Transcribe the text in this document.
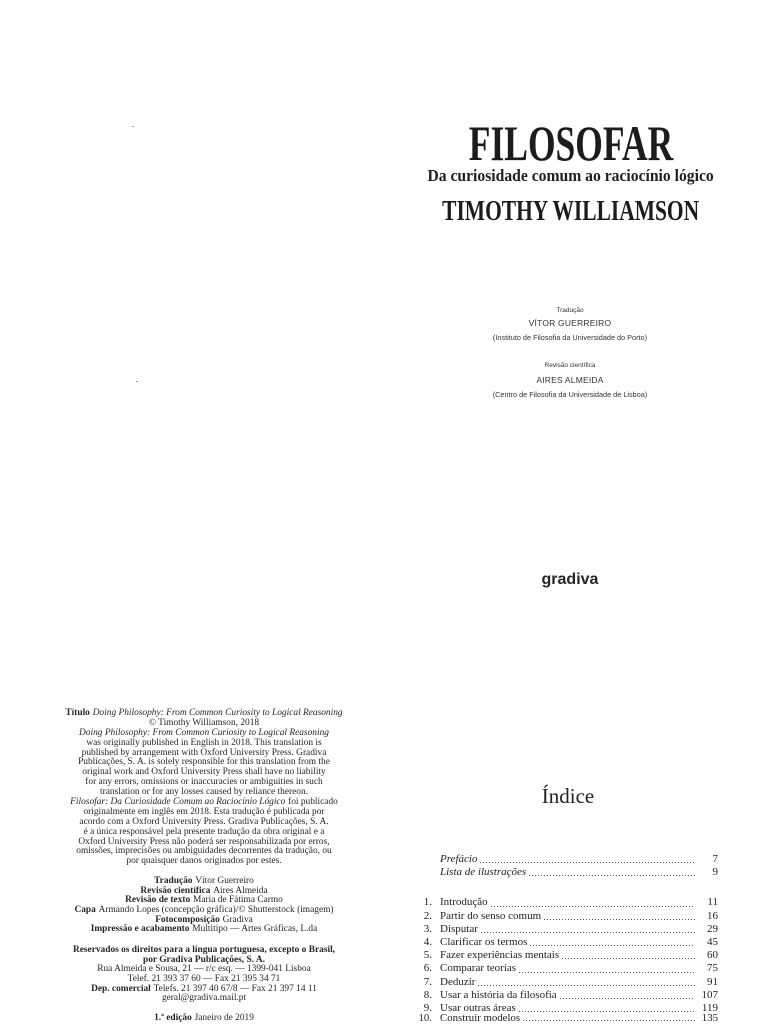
Título Doing Philosophy: From Common Curiosity to Logical Reasoning
© Timothy Williamson, 2018
Doing Philosophy: From Common Curiosity to Logical Reasoning
was originally published in English in 2018. This translation is
published by arrangement with Oxford University Press. Gradiva
Publicações, S. A. is solely responsible for this translation from the
original work and Oxford University Press shall have no liability
for any errors, omissions or inaccuracies or ambiguities in such
translation or for any losses caused by reliance thereon.
Filosofar: Da Curiosidade Comum ao Raciocínio Lógico foi publicado
originalmente em inglês em 2018. Esta tradução é publicada por
acordo com a Oxford University Press. Gradiva Publicações, S. A.
é a única responsável pela presente tradução da obra original e a
Oxford University Press não poderá ser responsabilizada por erros,
omissões, imprecisões ou ambiguidades decorrentes da tradução, ou
por quaisquer danos originados por estes.
Tradução Vítor Guerreiro
Revisão científica Aires Almeida
Revisão de texto Maria de Fátima Carmo
Capa Armando Lopes (concepção gráfica)/© Shutterstock (imagem)
Fotocomposição Gradiva
Impressão e acabamento Multitipo — Artes Gráficas, L.da
Reservados os direitos para a língua portuguesa, excepto o Brasil,
por Gradiva Publicações, S. A.
Rua Almeida e Sousa, 21 — r/c esq. — 1399-041 Lisboa
Telef. 21 393 37 60 — Fax 21 395 34 71
Dep. comercial Telefs. 21 397 40 67/8 — Fax 21 397 14 11
geral@gradiva.mail.pt
1.ª edição Janeiro de 2019
FILOSOFAR
Da curiosidade comum ao raciocínio lógico
TIMOTHY WILLIAMSON
Tradução
VÍTOR GUERREIRO
(Instituto de Filosofia da Universidade do Porto)
Revisão científica
AIRES ALMEIDA
(Centro de Filosofia da Universidade de Lisboa)
gradiva
Índice
Prefácio	7
Lista de ilustrações	9
1. Introdução	11
2. Partir do senso comum	16
3. Disputar	29
4. Clarificar os termos	45
5. Fazer experiências mentais	60
6. Comparar teorias	75
7. Deduzir	91
8. Usar a história da filosofia	107
9. Usar outras áreas	119
10. Construir modelos	135
